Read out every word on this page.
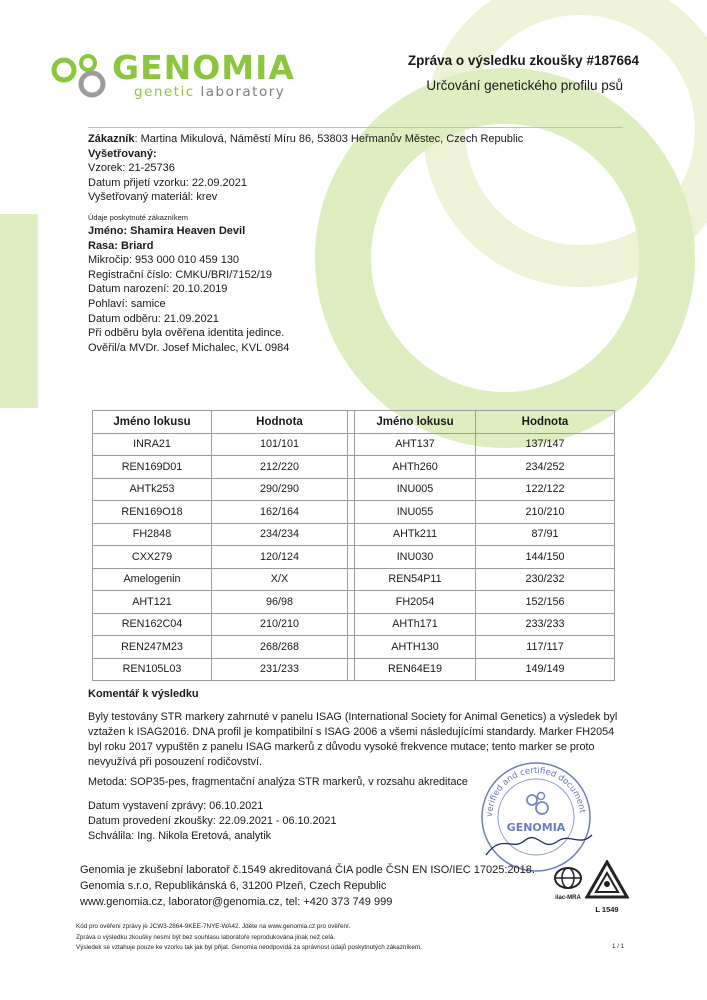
GENOMIA
genetic laboratory
Zpráva o výsledku zkoušky #187664
Určování genetického profilu psů
Zákazník: Martina Mikulová, Náměstí Míru 86, 53803 Heřmanův Městec, Czech Republic
Vyšetřovaný:
Vzorek: 21-25736
Datum přijetí vzorku: 22.09.2021
Vyšetřovaný materiál: krev
Údaje poskytnuté zákazníkem
Jméno: Shamira Heaven Devil
Rasa: Briard
Mikročip: 953 000 010 459 130
Registrační číslo: CMKU/BRI/7152/19
Datum narození: 20.10.2019
Pohlaví: samice
Datum odběru: 21.09.2021
Při odběru byla ověřena identita jedince.
Ověřil/a MVDr. Josef Michalec, KVL 0984
Jméno lokusu	Hodnota		Jméno lokusu	Hodnota
INRA21	101/101		AHT137	137/147
REN169D01	212/220		AHTh260	234/252
AHTk253	290/290		INU005	122/122
REN169O18	162/164		INU055	210/210
FH2848	234/234		AHTk211	87/91
CXX279	120/124		INU030	144/150
Amelogenin	X/X		REN54P11	230/232
AHT121	96/98		FH2054	152/156
REN162C04	210/210		AHTh171	233/233
REN247M23	268/268		AHTH130	117/117
REN105L03	231/233		REN64E19	149/149
Komentář k výsledku
Byly testovány STR markery zahrnuté v panelu ISAG (International Society for Animal Genetics) a výsledek byl
vztažen k ISAG2016. DNA profil je kompatibilní s ISAG 2006 a všemi následujícími standardy. Marker FH2054
byl roku 2017 vypuštěn z panelu ISAG markerů z důvodu vysoké frekvence mutace; tento marker se proto
nevyužívá při posouzení rodičovství.
Metoda: SOP35-pes, fragmentační analýza STR markerů, v rozsahu akreditace
Datum vystavení zprávy: 06.10.2021
Datum provedení zkoušky: 22.09.2021 - 06.10.2021
Schválila: Ing. Nikola Eretová, analytik
verified and certified document
GENOMIA
Genomia je zkušební laboratoř č.1549 akreditovaná ČIA podle ČSN EN ISO/IEC 17025:2018.
Genomia s.r.o, Republikánská 6, 31200 Plzeň, Czech Republic
www.genomia.cz, laborator@genomia.cz, tel: +420 373 749 999	ilac-MRA
L 1549
Kód pro ověření zprávy je JCW3-2864-9KEE-7NYE-WA42. Jděte na www.genomia.cz pro ověření.
Zpráva o výsledku zkoušky nesmí být bez souhlasu laboratoře reprodukována jinak než celá.
Výsledek se vztahuje pouze ke vzorku tak jak byl přijat. Genomia neodpovídá za správnost údajů poskytnutých zákazníkem.	1 / 1
